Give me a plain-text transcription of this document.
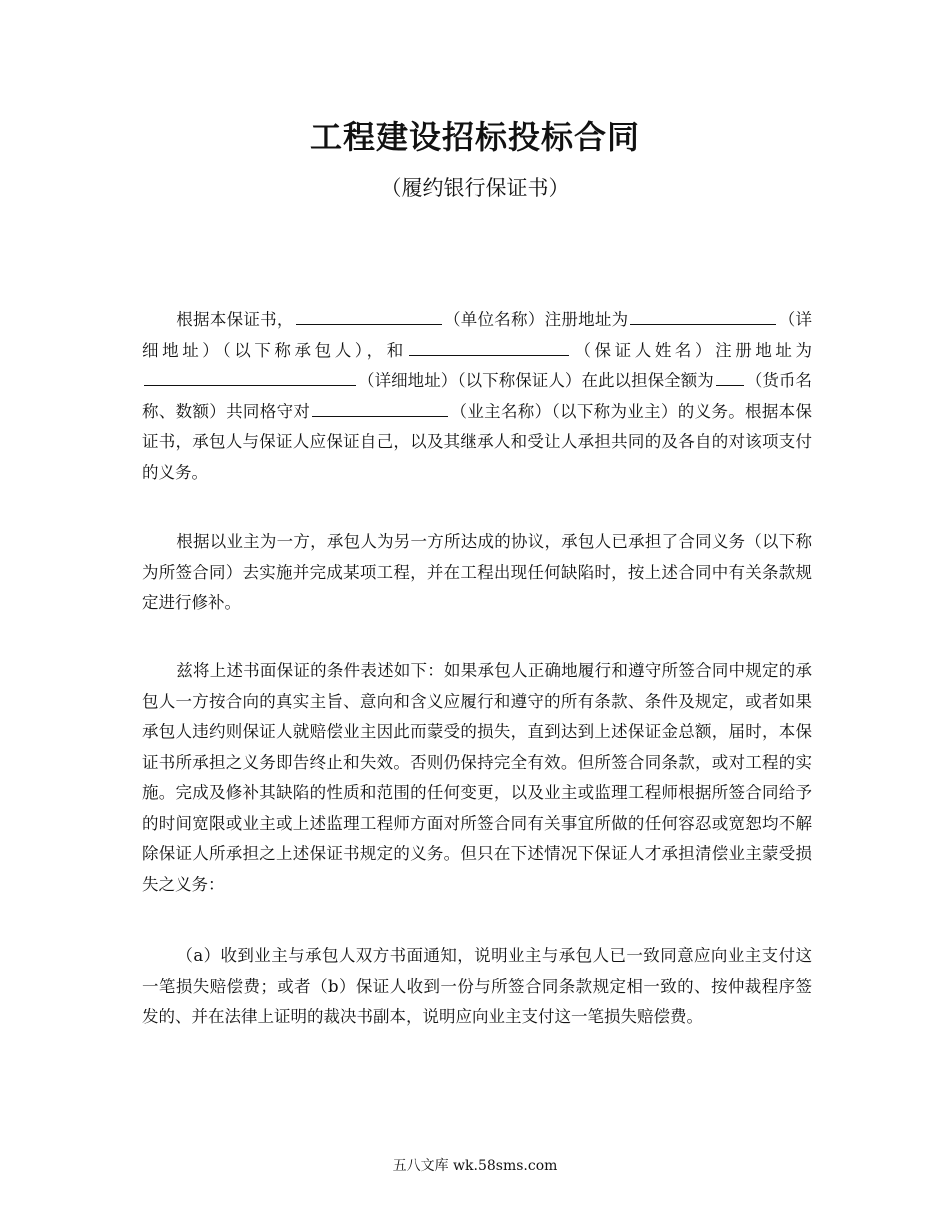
工程建设招标投标合同

（履约银行保证书）

根据本保证书，	（单位名称）注册地址为	（详细地址）（以下称承包人），和	（保证人姓名）注册地址为（详细地址）（以下称保证人）在此以担保全额为 （货币名称、数额）共同格守对	（业主名称）（以下称为业主）的义务。根据本保证书，承包人与保证人应保证自己，以及其继承人和受让人承担共同的及各自的对该项支付的义务。

根据以业主为一方，承包人为另一方所达成的协议，承包人已承担了合同义务（以下称为所签合同）去实施并完成某项工程，并在工程出现任何缺陷时，按上述合同中有关条款规定进行修补。

兹将上述书面保证的条件表述如下：如果承包人正确地履行和遵守所签合同中规定的承包人一方按合向的真实主旨、意向和含义应履行和遵守的所有条款、条件及规定，或者如果承包人违约则保证人就赔偿业主因此而蒙受的损失，直到达到上述保证金总额，届时，本保证书所承担之义务即告终止和失效。否则仍保持完全有效。但所签合同条款，或对工程的实施。完成及修补其缺陷的性质和范围的任何变更，以及业主或监理工程师根据所签合同给予的时间宽限或业主或上述监理工程师方面对所签合同有关事宜所做的任何容忍或宽恕均不解除保证人所承担之上述保证书规定的义务。但只在下述情况下保证人才承担清偿业主蒙受损失之义务：

（a）收到业主与承包人双方书面通知，说明业主与承包人已一致同意应向业主支付这一笔损失赔偿费；或者（b）保证人收到一份与所签合同条款规定相一致的、按仲裁程序签发的、并在法律上证明的裁决书副本，说明应向业主支付这一笔损失赔偿费。

五八文库 wk.58sms.com
